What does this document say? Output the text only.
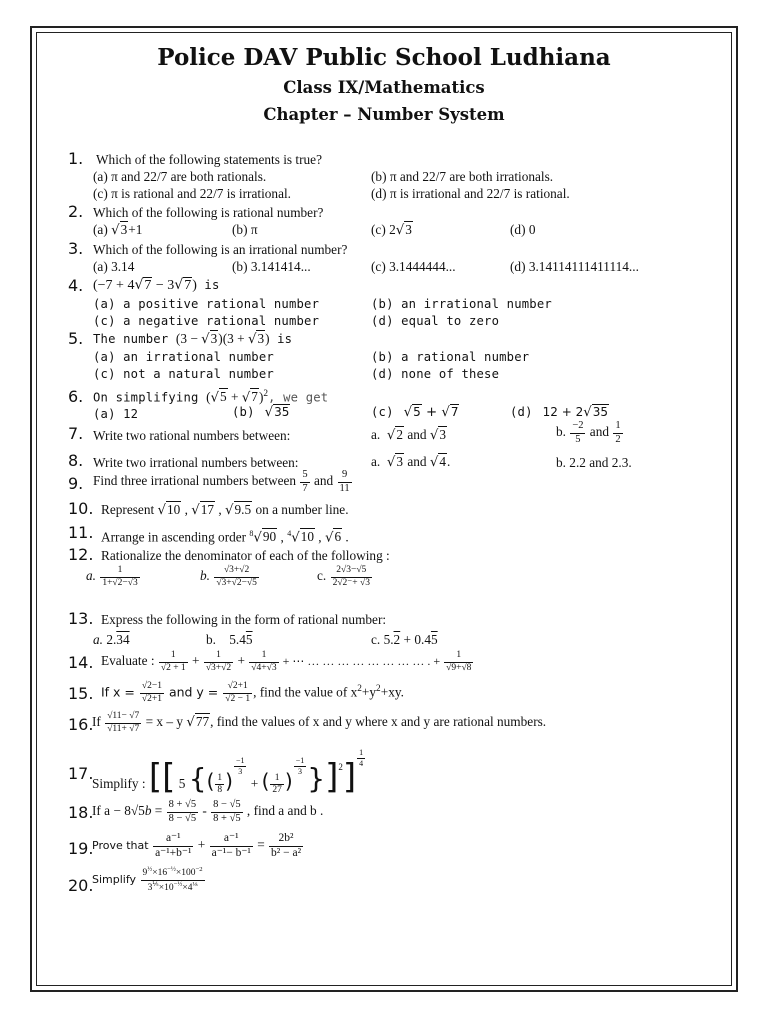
Police DAV Public School Ludhiana
Class IX/Mathematics
Chapter – Number System
1. Which of the following statements is true?
(a) π and 22/7 are both rationals.	(b) π and 22/7 are both irrationals.
(c) π is rational and 22/7 is irrational.	(d) π is irrational and 22/7 is rational.
2. Which of the following is rational number?
(a) √3+1	(b) π	(c) 2√3	(d) 0
3. Which of the following is an irrational number?
(a) 3.14	(b) 3.141414...	(c) 3.1444444...	(d) 3.14114111411114...
4. (−7 + 4√7 − 3√7) is
(a) a positive rational number	(b) an irrational number
(c) a negative rational number	(d) equal to zero
5. The number (3 − √3)(3 + √3) is
(a) an irrational number	(b) a rational number
(c) not a natural number	(d) none of these
6. On simplifying $(√5 + √7)^2$, we get
(a) 12	(b) √35	(c) √5 + √7	(d) 12 + 2√35
7. Write two rational numbers between:	a. √2 and √3	b. $\frac{-2}{5}$ and $\frac{1}{2}$
8. Write two irrational numbers between:	a. √3 and √4.	b. 2.2 and 2.3.
9. Find three irrational numbers between $\frac{5}{7}$ and $\frac{9}{11}$
10. Represent √10 , √17 , √9.5 on a number line.
11. Arrange in ascending order $^8$√90 , $^4$√10 , √6 .
12. Rationalize the denominator of each of the following :
a. $\frac{1}{1+√2-√3}$	b. $\frac{√3+√2}{√3+√2-√5}$	c. $\frac{2√3-√5}{2√2^-+ √3}$
13. Express the following in the form of rational number:
a. 2.34	b. 5.45	c. 5.2 + 0.45
14. Evaluate : $\frac{1}{√2 + 1} + \frac{1}{√3+√2} + \frac{1}{√4+√3}$ + ⋯ … … … … … … … … . + $\frac{1}{√9+√8}$
15. If $x = \frac{√2-1}{√2+1}$ and $y = \frac{√2+1}{√2 - 1}$ , find the value of $x^2+y^2+xy$.
16.
If $\frac{√11- √7}{√11+ √7} = x - y$ √77, find the values of x and y where x and y are rational numbers.
17.
Simplify : [[ 5 {( $\frac{1}{8}$ )
$^{\frac{-1}{3}}$
+ ( $\frac{1}{27}$ )
$^{\frac{-1}{3}}$ }]$^2$] $^{\frac{1}{4}}$
18.
If $a - 8√5b = \frac{8 + √5}{8 - √5} - \frac{8 - √5}{8 + √5}$ , find a and b .
19.
Prove that $\frac{\text{a⁻¹}}{\text{a⁻¹+b⁻¹}} + \frac{\text{a⁻¹}}{\text{a⁻¹− b⁻¹}} = \frac{\text{2b²}}{\text{b² − a²}}$
20.
Simplify $\frac{9^{\frac{1}{2}}\times 16^{-\frac{1}{2}}\times 100^{-2}}{3^{\frac{1}{5}}\times 10^{-\frac{1}{2}}\times 4^{\frac{1}{8}}}$
